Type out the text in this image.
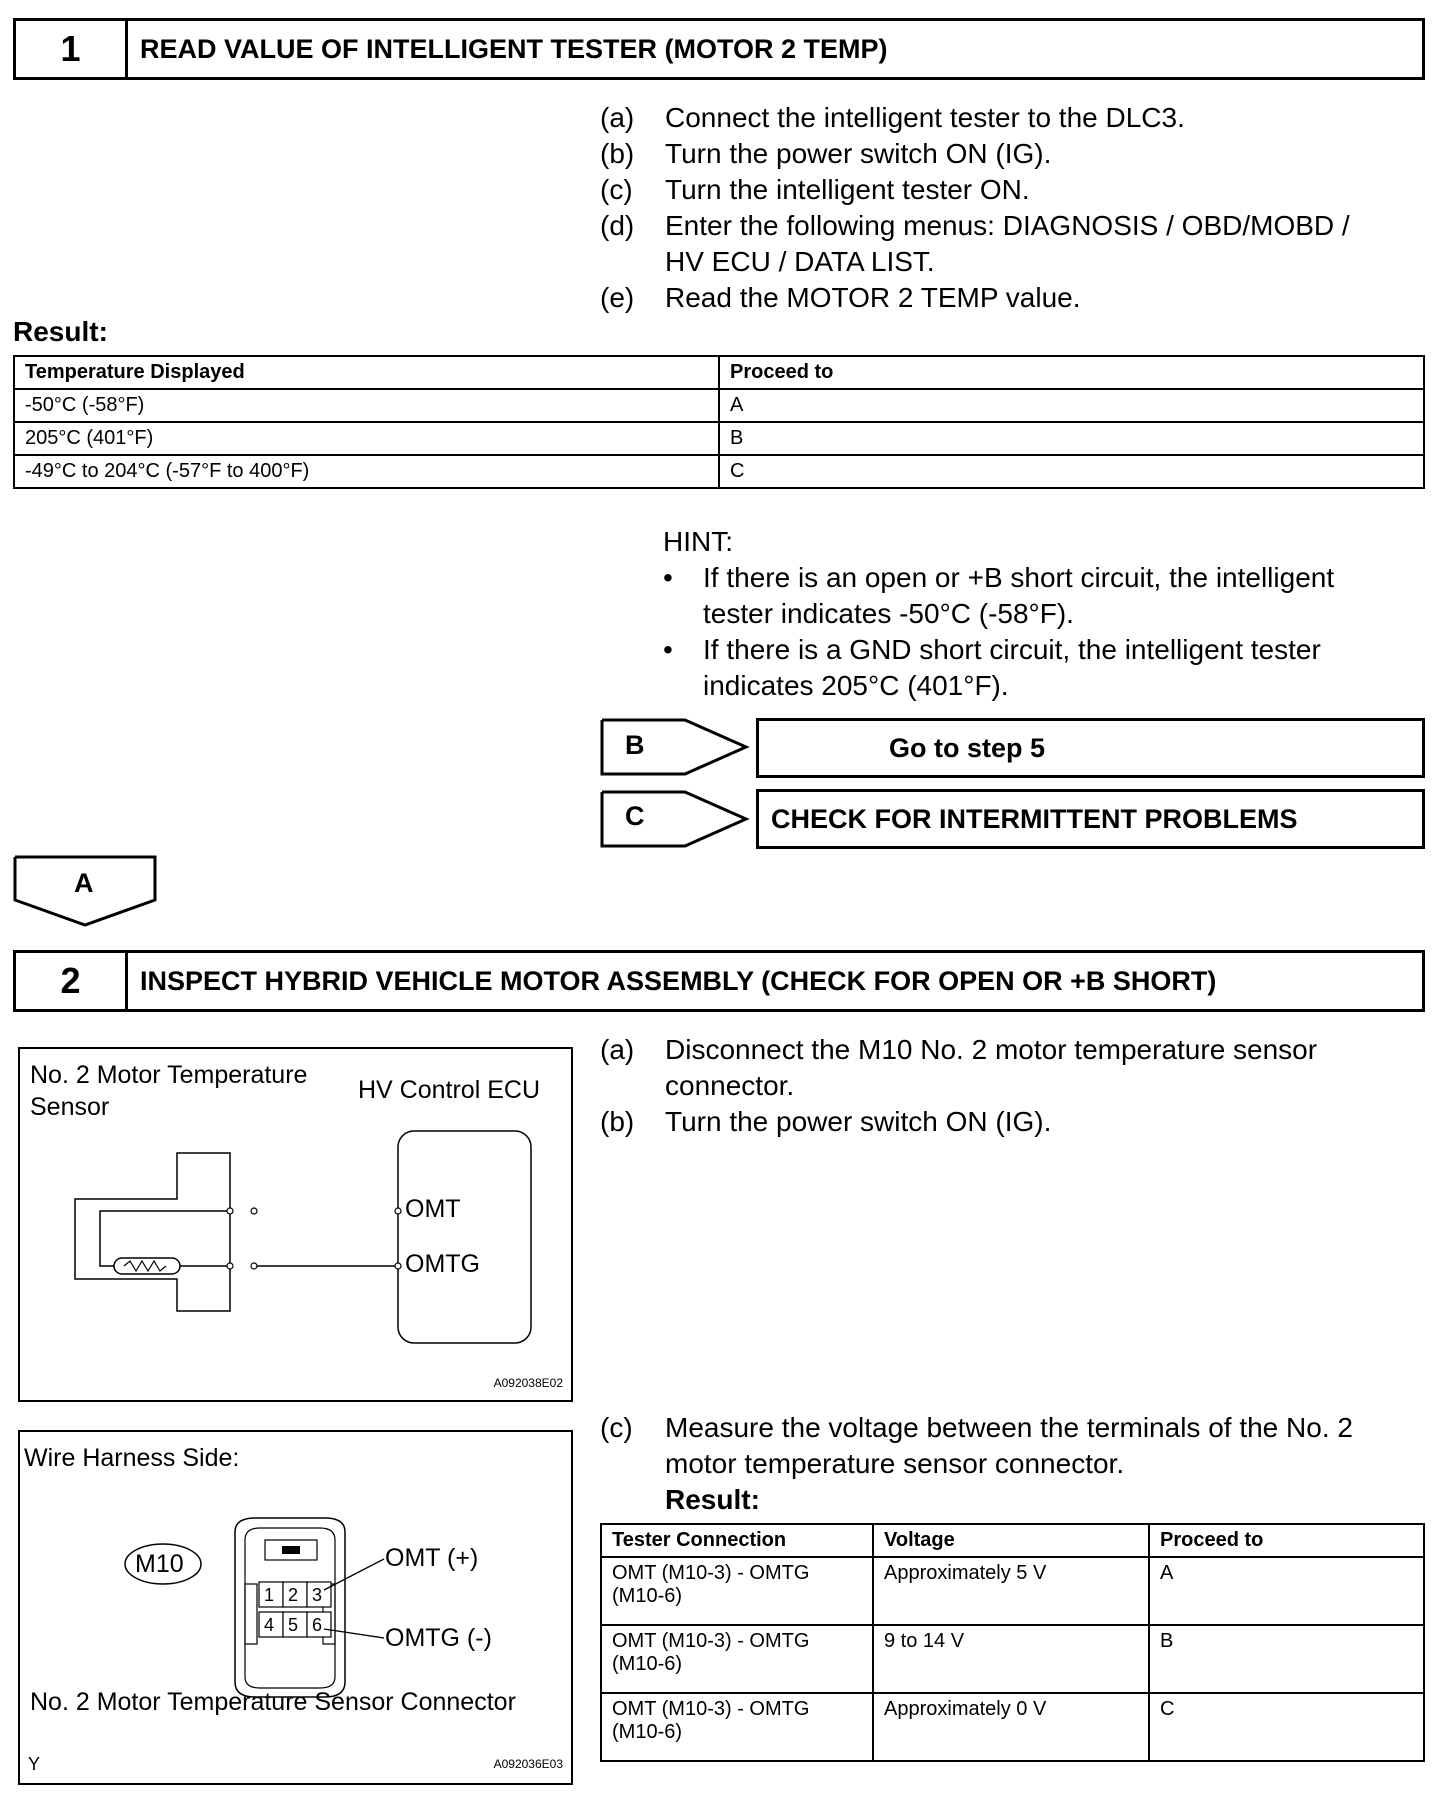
1	READ VALUE OF INTELLIGENT TESTER (MOTOR 2 TEMP)
(a)	Connect the intelligent tester to the DLC3.
(b)	Turn the power switch ON (IG).
(c)	Turn the intelligent tester ON.
(d)	Enter the following menus: DIAGNOSIS / OBD/MOBD /
HV ECU / DATA LIST.
(e)	Read the MOTOR 2 TEMP value.
Result:
Temperature Displayed	Proceed to
-50°C (-58°F)	A
205°C (401°F)	B
-49°C to 204°C (-57°F to 400°F)	C
HINT:
•	If there is an open or +B short circuit, the intelligent
tester indicates -50°C (-58°F).
•	If there is a GND short circuit, the intelligent tester
indicates 205°C (401°F).
B	Go to step 5
C	CHECK FOR INTERMITTENT PROBLEMS
A
2	INSPECT HYBRID VEHICLE MOTOR ASSEMBLY (CHECK FOR OPEN OR +B SHORT)
(a)	Disconnect the M10 No. 2 motor temperature sensor
connector.
(b)	Turn the power switch ON (IG).
No. 2 Motor Temperature
Sensor
HV Control ECU
OMT
OMTG
A092038E02
(c)	Measure the voltage between the terminals of the No. 2
motor temperature sensor connector.
Result:
Tester Connection	Voltage	Proceed to
OMT (M10-3) - OMTG
(M10-6)	Approximately 5 V	A
OMT (M10-3) - OMTG
(M10-6)	9 to 14 V	B
OMT (M10-3) - OMTG
(M10-6)	Approximately 0 V	C
Wire Harness Side:
M10
1 2 3
4 5 6
OMT (+)
OMTG (-)
No. 2 Motor Temperature Sensor Connector
Y	A092036E03
